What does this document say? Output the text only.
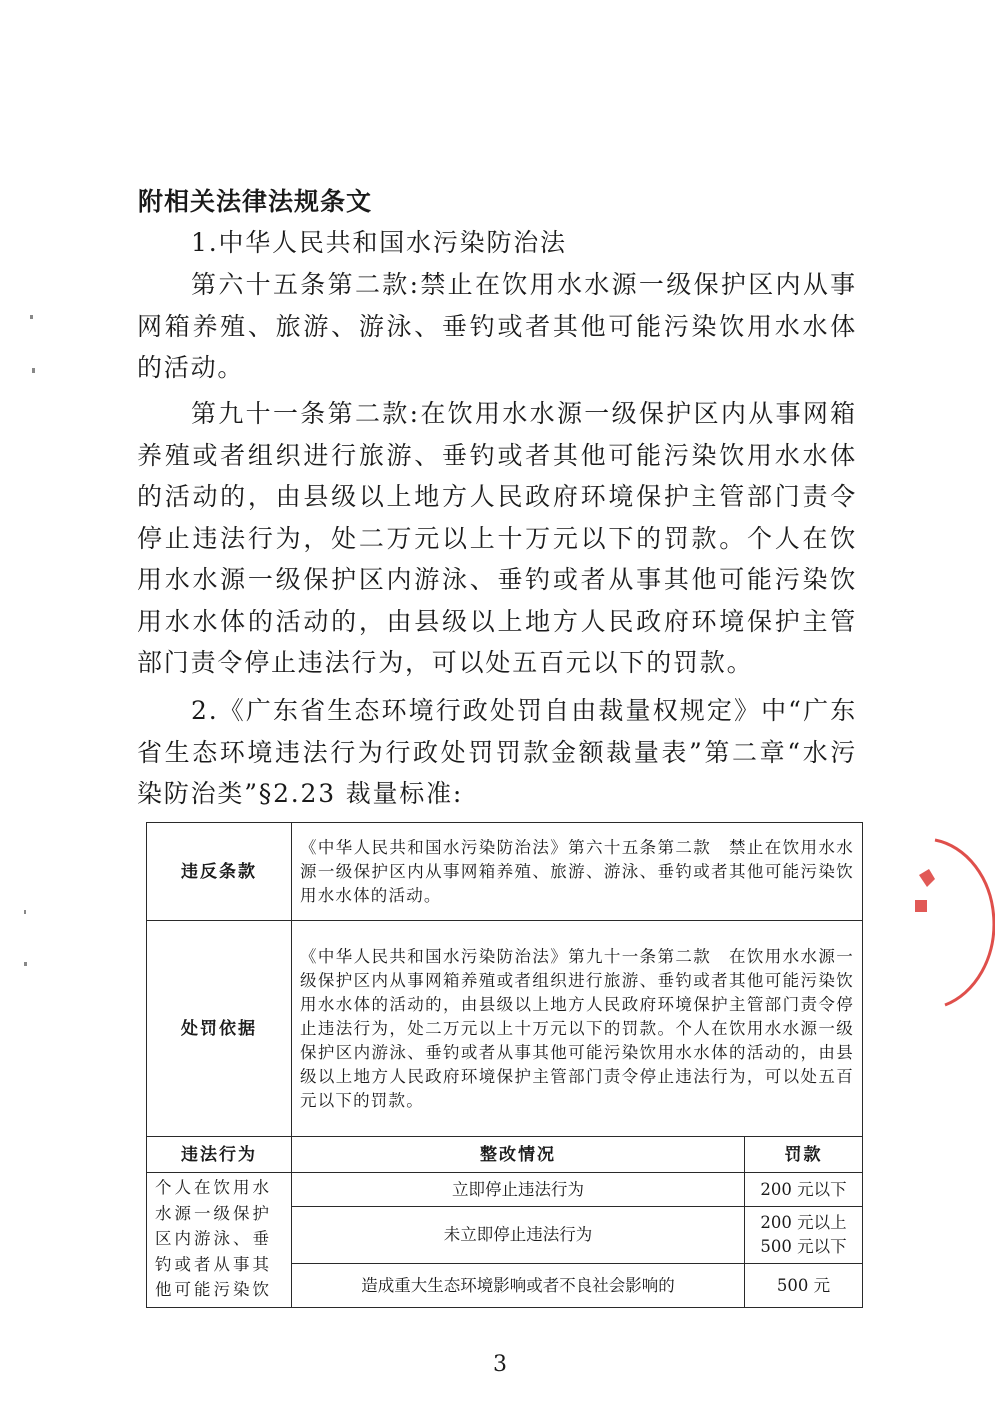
附相关法律法规条文
1.中华人民共和国水污染防治法
第六十五条第二款:禁止在饮用水水源一级保护区内从事网箱养殖、旅游、游泳、垂钓或者其他可能污染饮用水水体的活动。
第九十一条第二款:在饮用水水源一级保护区内从事网箱养殖或者组织进行旅游、垂钓或者其他可能污染饮用水水体的活动的，由县级以上地方人民政府环境保护主管部门责令停止违法行为，处二万元以上十万元以下的罚款。个人在饮用水水源一级保护区内游泳、垂钓或者从事其他可能污染饮用水水体的活动的，由县级以上地方人民政府环境保护主管部门责令停止违法行为，可以处五百元以下的罚款。
2.《广东省生态环境行政处罚自由裁量权规定》中“广东省生态环境违法行为行政处罚罚款金额裁量表”第二章“水污染防治类”§2.23 裁量标准:
违反条款	《中华人民共和国水污染防治法》第六十五条第二款　禁止在饮用水水源一级保护区内从事网箱养殖、旅游、游泳、垂钓或者其他可能污染饮用水水体的活动。	
处罚依据	《中华人民共和国水污染防治法》第九十一条第二款　在饮用水水源一级保护区内从事网箱养殖或者组织进行旅游、垂钓或者其他可能污染饮用水水体的活动的，由县级以上地方人民政府环境保护主管部门责令停止违法行为，处二万元以上十万元以下的罚款。个人在饮用水水源一级保护区内游泳、垂钓或者从事其他可能污染饮用水水体的活动的，由县级以上地方人民政府环境保护主管部门责令停止违法行为，可以处五百元以下的罚款。	
违法行为	整改情况	罚款
个人在饮用水水源一级保护区内游泳、垂钓或者从事其他可能污染饮	立即停止违法行为	200 元以下
	未立即停止违法行为	200 元以上
500 元以下

	造成重大生态环境影响或者不良社会影响的	500 元
3
